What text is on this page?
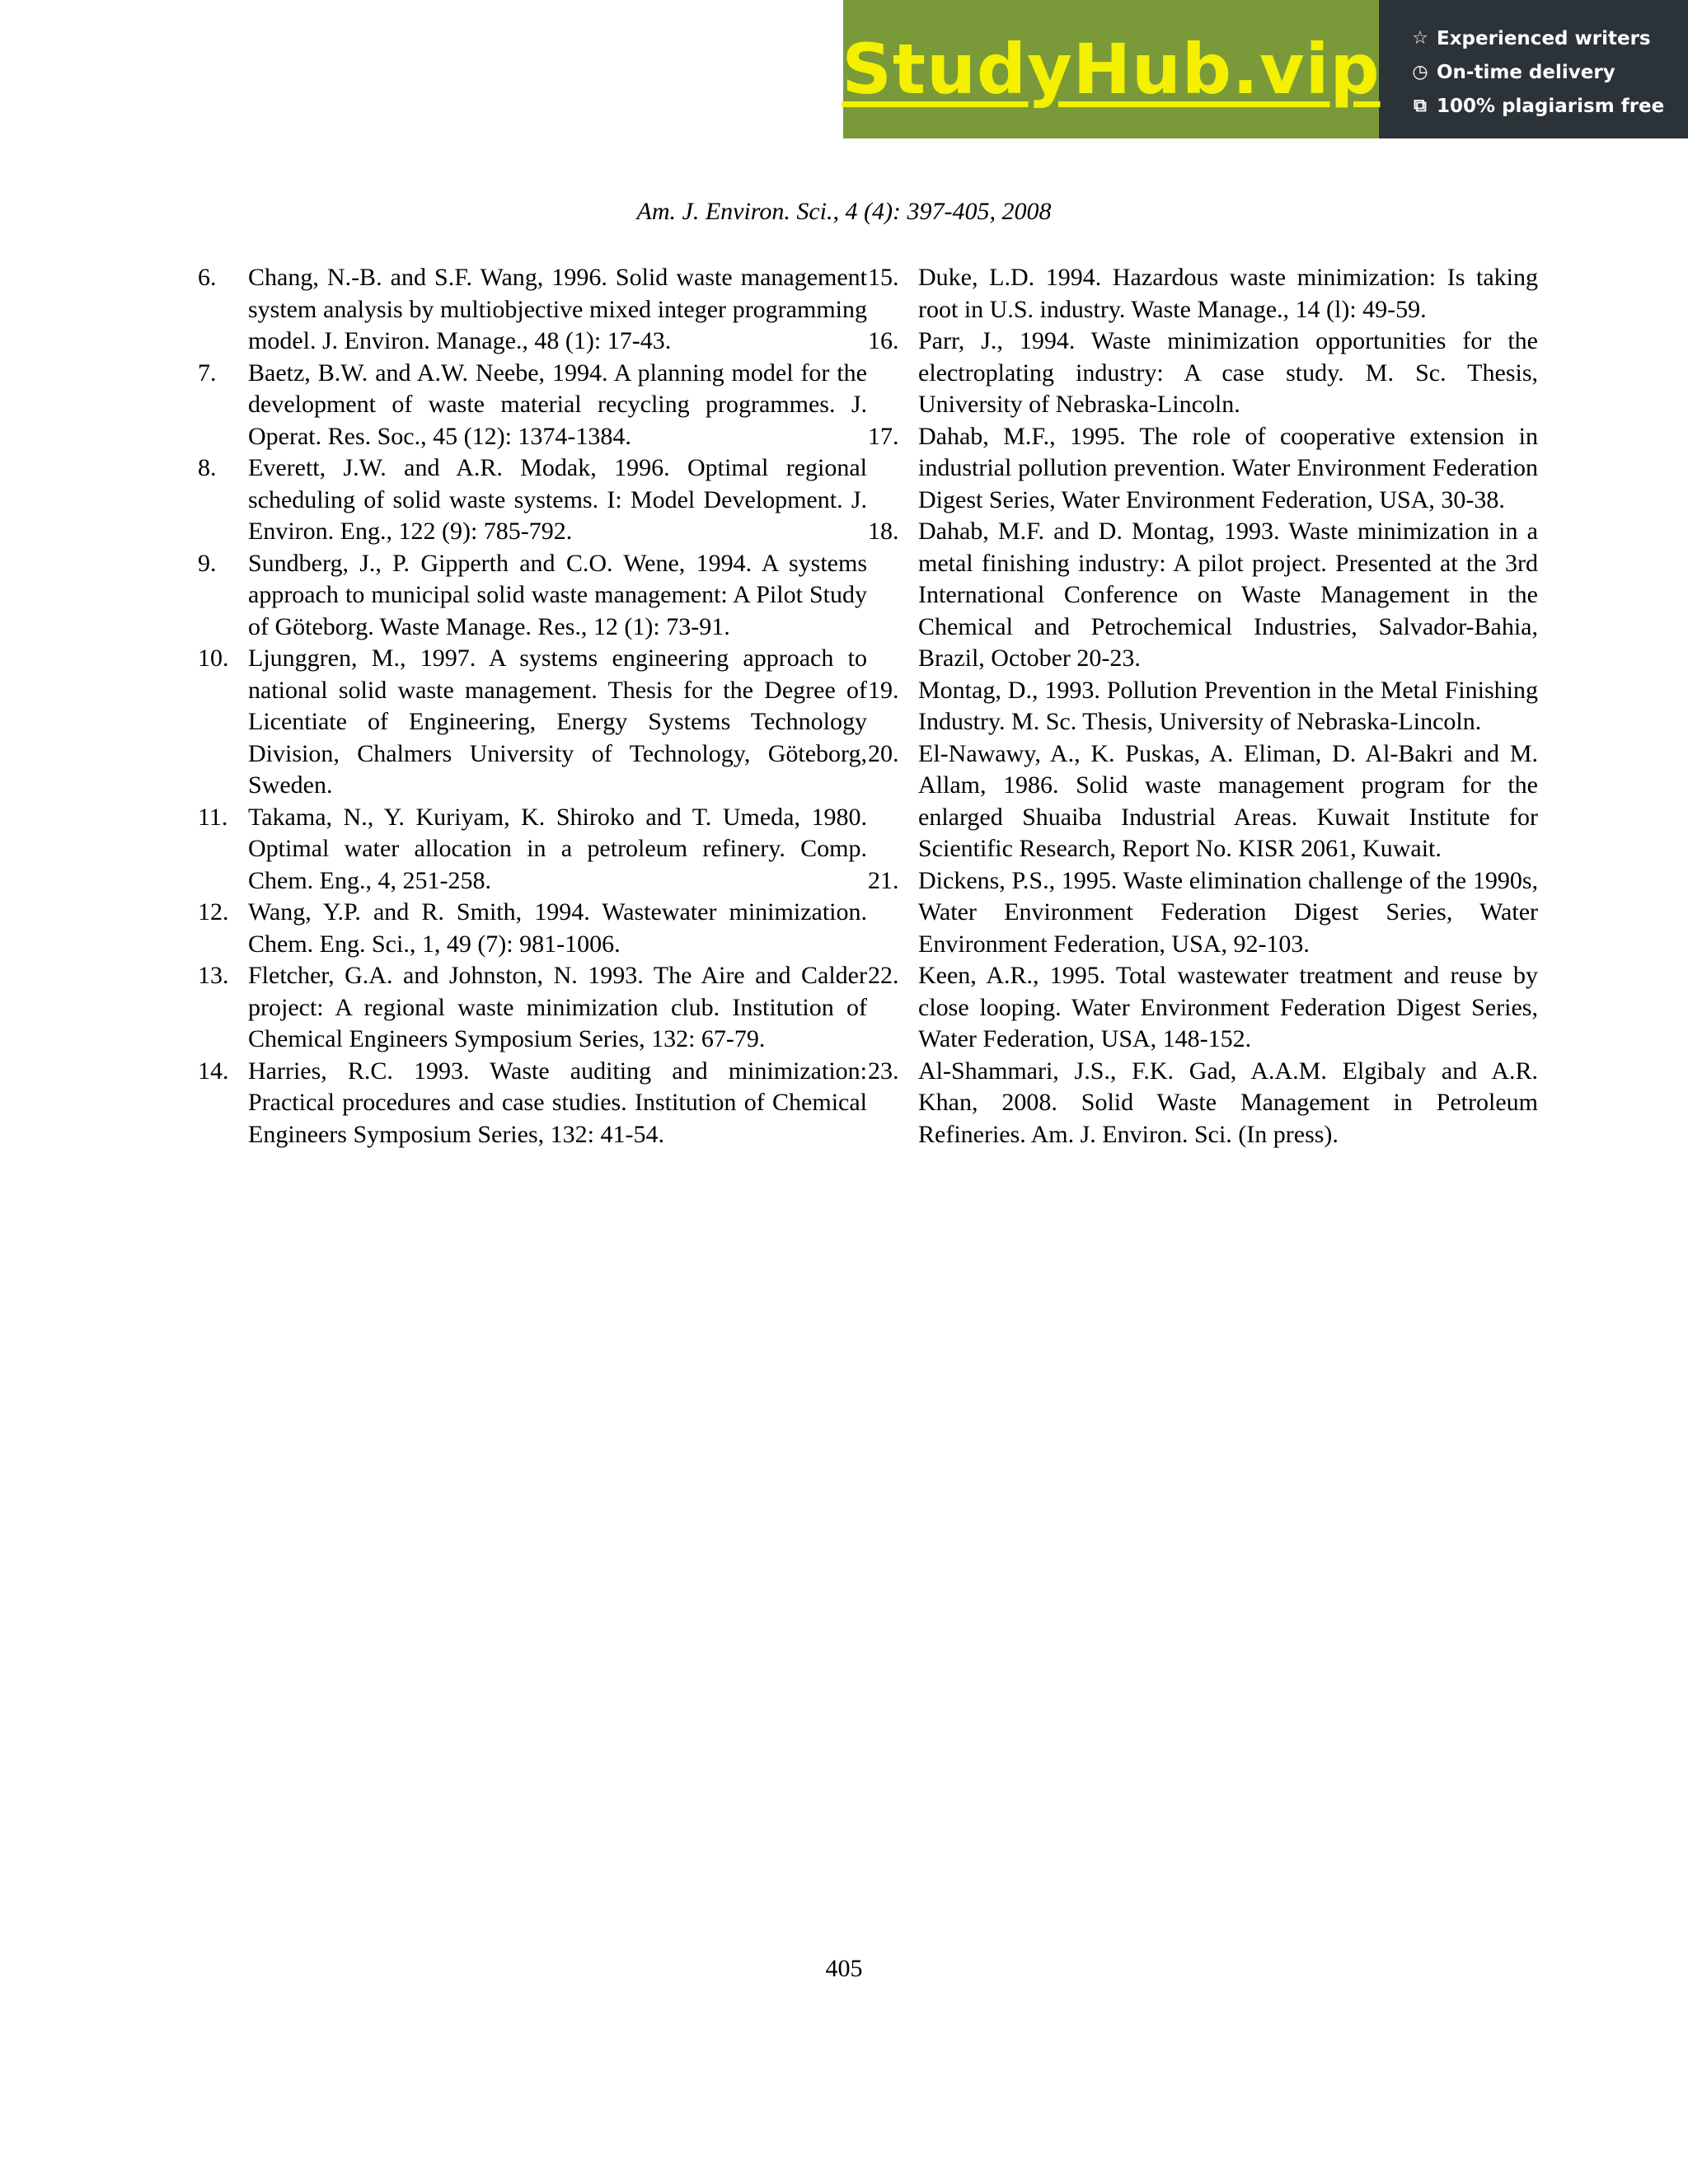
StudyHub.vip ☆ Experienced writers
◷ On-time delivery
⧉ 100% plagiarism free
Am. J. Environ. Sci., 4 (4): 397-405, 2008
6. Chang, N.-B. and S.F. Wang, 1996. Solid waste management system analysis by multiobjective mixed integer programming model. J. Environ. Manage., 48 (1): 17-43.
7. Baetz, B.W. and A.W. Neebe, 1994. A planning model for the development of waste material recycling programmes. J. Operat. Res. Soc., 45 (12): 1374-1384.
8. Everett, J.W. and A.R. Modak, 1996. Optimal regional scheduling of solid waste systems. I: Model Development. J. Environ. Eng., 122 (9): 785-792.
9. Sundberg, J., P. Gipperth and C.O. Wene, 1994. A systems approach to municipal solid waste management: A Pilot Study of Göteborg. Waste Manage. Res., 12 (1): 73-91.
10. Ljunggren, M., 1997. A systems engineering approach to national solid waste management. Thesis for the Degree of Licentiate of Engineering, Energy Systems Technology Division, Chalmers University of Technology, Göteborg, Sweden.
11. Takama, N., Y. Kuriyam, K. Shiroko and T. Umeda, 1980. Optimal water allocation in a petroleum refinery. Comp. Chem. Eng., 4, 251-258.
12. Wang, Y.P. and R. Smith, 1994. Wastewater minimization. Chem. Eng. Sci., 1, 49 (7): 981-1006.
13. Fletcher, G.A. and Johnston, N. 1993. The Aire and Calder project: A regional waste minimization club. Institution of Chemical Engineers Symposium Series, 132: 67-79.
14. Harries, R.C. 1993. Waste auditing and minimization: Practical procedures and case studies. Institution of Chemical Engineers Symposium Series, 132: 41-54.
15. Duke, L.D. 1994. Hazardous waste minimization: Is taking root in U.S. industry. Waste Manage., 14 (l): 49-59.
16. Parr, J., 1994. Waste minimization opportunities for the electroplating industry: A case study. M. Sc. Thesis, University of Nebraska-Lincoln.
17. Dahab, M.F., 1995. The role of cooperative extension in industrial pollution prevention. Water Environment Federation Digest Series, Water Environment Federation, USA, 30-38.
18. Dahab, M.F. and D. Montag, 1993. Waste minimization in a metal finishing industry: A pilot project. Presented at the 3rd International Conference on Waste Management in the Chemical and Petrochemical Industries, Salvador-Bahia, Brazil, October 20-23.
19. Montag, D., 1993. Pollution Prevention in the Metal Finishing Industry. M. Sc. Thesis, University of Nebraska-Lincoln.
20. El-Nawawy, A., K. Puskas, A. Eliman, D. Al-Bakri and M. Allam, 1986. Solid waste management program for the enlarged Shuaiba Industrial Areas. Kuwait Institute for Scientific Research, Report No. KISR 2061, Kuwait.
21. Dickens, P.S., 1995. Waste elimination challenge of the 1990s, Water Environment Federation Digest Series, Water Environment Federation, USA, 92-103.
22. Keen, A.R., 1995. Total wastewater treatment and reuse by close looping. Water Environment Federation Digest Series, Water Federation, USA, 148-152.
23. Al-Shammari, J.S., F.K. Gad, A.A.M. Elgibaly and A.R. Khan, 2008. Solid Waste Management in Petroleum Refineries. Am. J. Environ. Sci. (In press).
405
